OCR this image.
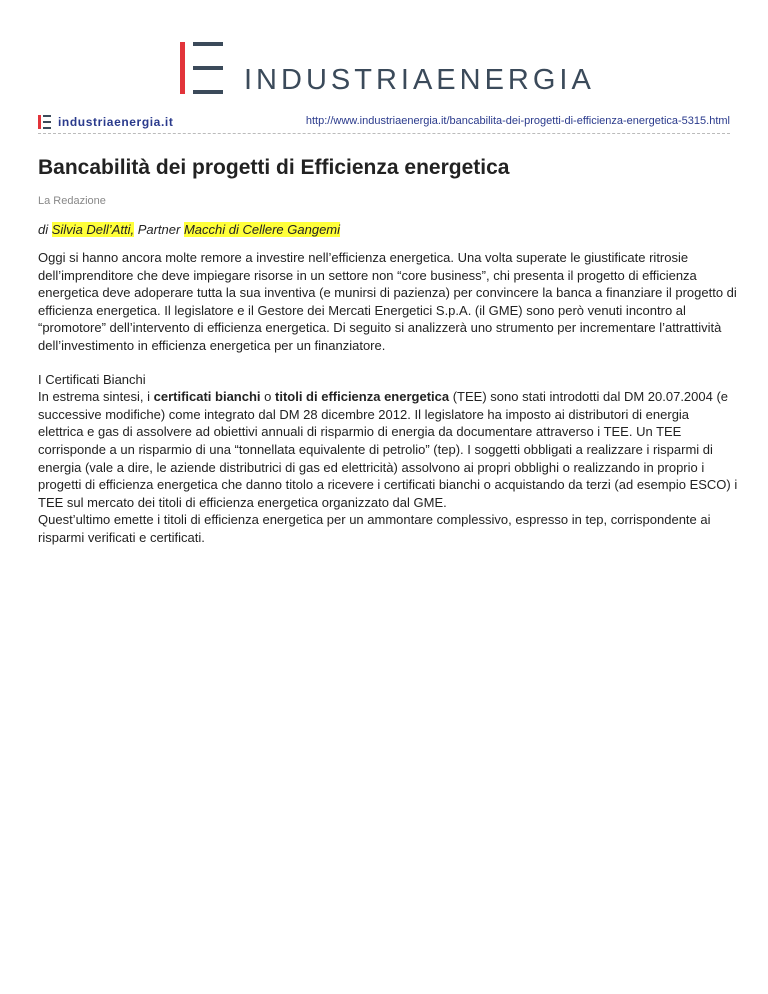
INDUSTRIAENERGIA
industriaenergia.it	http://www.industriaenergia.it/bancabilita-dei-progetti-di-efficienza-energetica-5315.html
Bancabilità dei progetti di Efficienza energetica
La Redazione
di Silvia Dell’Atti, Partner Macchi di Cellere Gangemi

Oggi si hanno ancora molte remore a investire nell’efficienza energetica. Una volta superate le giustificate ritrosie dell’imprenditore che deve impiegare risorse in un settore non “core business”, chi presenta il progetto di efficienza energetica deve adoperare tutta la sua inventiva (e munirsi di pazienza) per convincere la banca a finanziare il progetto di efficienza energetica. Il legislatore e il Gestore dei Mercati Energetici S.p.A. (il GME) sono però venuti incontro al “promotore” dell’intervento di efficienza energetica. Di seguito si analizzerà uno strumento per incrementare l’attrattività dell’investimento in efficienza energetica per un finanziatore.

I Certificati Bianchi
In estrema sintesi, i certificati bianchi o titoli di efficienza energetica (TEE) sono stati introdotti dal DM 20.07.2004 (e successive modifiche) come integrato dal DM 28 dicembre 2012. Il legislatore ha imposto ai distributori di energia elettrica e gas di assolvere ad obiettivi annuali di risparmio di energia da documentare attraverso i TEE. Un TEE corrisponde a un risparmio di una “tonnellata equivalente di petrolio” (tep). I soggetti obbligati a realizzare i risparmi di energia (vale a dire, le aziende distributrici di gas ed elettricità) assolvono ai propri obblighi o realizzando in proprio i progetti di efficienza energetica che danno titolo a ricevere i certificati bianchi o acquistando da terzi (ad esempio ESCO) i TEE sul mercato dei titoli di efficienza energetica organizzato dal GME.
Quest’ultimo emette i titoli di efficienza energetica per un ammontare complessivo, espresso in tep, corrispondente ai risparmi verificati e certificati.
